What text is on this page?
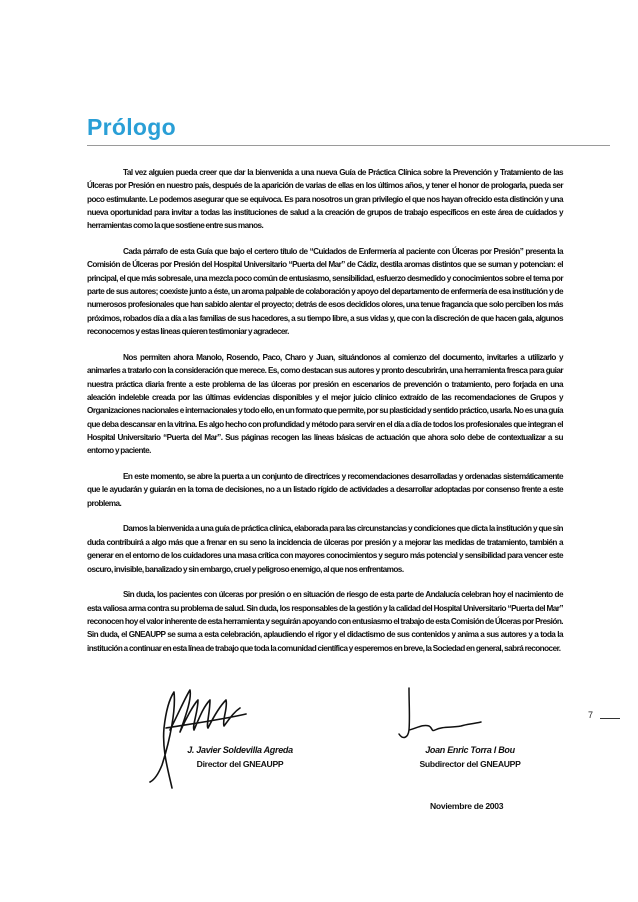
Prólogo

Tal vez alguien pueda creer que dar la bienvenida a una nueva Guía de Práctica Clínica sobre la Prevención y Tratamiento de las Úlceras por Presión en nuestro país, después de la aparición de varias de ellas en los últimos años, y tener el honor de prologarla, pueda ser poco estimulante. Le podemos asegurar que se equivoca. Es para nosotros un gran privilegio el que nos hayan ofrecido esta distinción y una nueva oportunidad para invitar a todas las instituciones de salud a la creación de grupos de trabajo específicos en este área de cuidados y herramientas como la que sostiene entre sus manos.

Cada párrafo de esta Guía que bajo el certero título de “Cuidados de Enfermería al paciente con Úlceras por Presión” presenta la Comisión de Úlceras por Presión del Hospital Universitario “Puerta del Mar” de Cádiz, destila aromas distintos que se suman y potencian: el principal, el que más sobresale, una mezcla poco común de entusiasmo, sensibilidad, esfuerzo desmedido y conocimientos sobre el tema por parte de sus autores; coexiste junto a éste, un aroma palpable de colaboración y apoyo del departamento de enfermería de esa institución y de numerosos profesionales que han sabido alentar el proyecto; detrás de esos decididos olores, una tenue fragancia que solo perciben los más próximos, robados día a día a las familias de sus hacedores, a su tiempo libre, a sus vidas y, que con la discreción de que hacen gala, algunos reconocemos y estas líneas quieren testimoniar y agradecer.

Nos permiten ahora Manolo, Rosendo, Paco, Charo y Juan, situándonos al comienzo del documento, invitarles a utilizarlo y animarles a tratarlo con la consideración que merece. Es, como destacan sus autores y pronto descubrirán, una herramienta fresca para guiar nuestra práctica diaria frente a este problema de las úlceras por presión en escenarios de prevención o tratamiento, pero forjada en una aleación indeleble creada por las últimas evidencias disponibles y el mejor juicio clínico extraído de las recomendaciones de Grupos y Organizaciones nacionales e internacionales y todo ello, en un formato que permite, por su plasticidad y sentido práctico, usarla. No es una guía que deba descansar en la vitrina. Es algo hecho con profundidad y método para servir en el día a día de todos los profesionales que integran el Hospital Universitario “Puerta del Mar”. Sus páginas recogen las líneas básicas de actuación que ahora solo debe de contextualizar a su entorno y paciente.

En este momento, se abre la puerta a un conjunto de directrices y recomendaciones desarrolladas y ordenadas sistemáticamente que le ayudarán y guiarán en la toma de decisiones, no a un listado rígido de actividades a desarrollar adoptadas por consenso frente a este problema.

Damos la bienvenida a una guía de práctica clínica, elaborada para las circunstancias y condiciones que dicta la institución y que sin duda contribuirá a algo más que a frenar en su seno la incidencia de úlceras por presión y a mejorar las medidas de tratamiento, también a generar en el entorno de los cuidadores una masa crítica con mayores conocimientos y seguro más potencial y sensibilidad para vencer este oscuro, invisible, banalizado y sin embargo, cruel y peligroso enemigo, al que nos enfrentamos.

Sin duda, los pacientes con úlceras por presión o en situación de riesgo de esta parte de Andalucía celebran hoy el nacimiento de esta valiosa arma contra su problema de salud. Sin duda, los responsables de la gestión y la calidad del Hospital Universitario “Puerta del Mar” reconocen hoy el valor inherente de esta herramienta y seguirán apoyando con entusiasmo el trabajo de esta Comisión de Úlceras por Presión. Sin duda, el GNEAUPP se suma a esta celebración, aplaudiendo el rigor y el didactismo de sus contenidos y anima a sus autores y a toda la institución a continuar en esta línea de trabajo que toda la comunidad científica y esperemos en breve, la Sociedad en general, sabrá reconocer.

7
J. Javier Soldevilla Agreda
Director del GNEAUPP
Joan Enric Torra I Bou
Subdirector del GNEAUPP
Noviembre de 2003
